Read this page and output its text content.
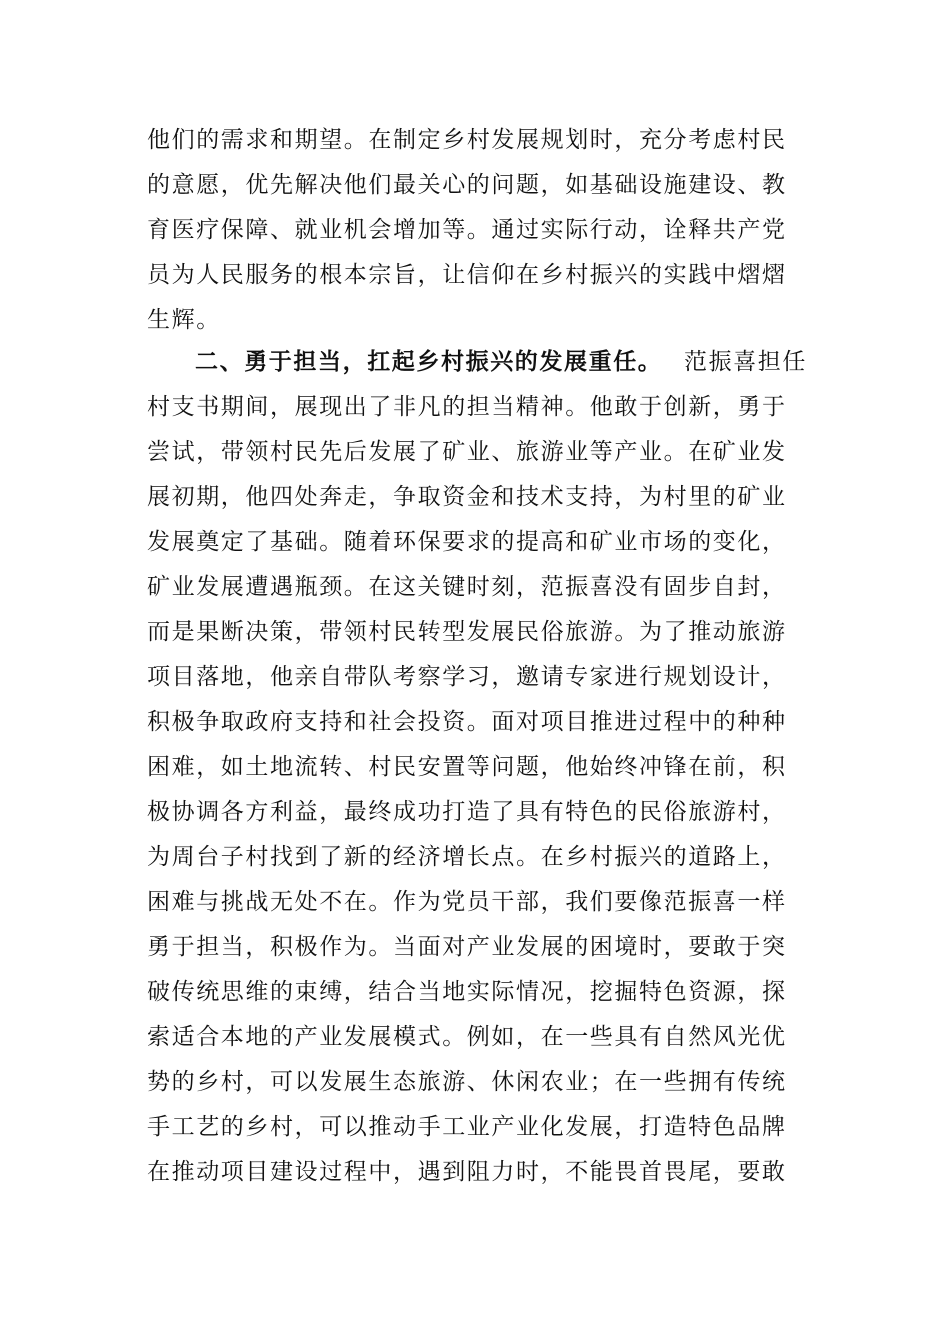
他们的需求和期望。在制定乡村发展规划时，充分考虑村民
的意愿，优先解决他们最关心的问题，如基础设施建设、教
育医疗保障、就业机会增加等。通过实际行动，诠释共产党
员为人民服务的根本宗旨，让信仰在乡村振兴的实践中熠熠
生辉。
二、勇于担当，扛起乡村振兴的发展重任。 范振喜担任
村支书期间，展现出了非凡的担当精神。他敢于创新，勇于
尝试，带领村民先后发展了矿业、旅游业等产业。在矿业发
展初期，他四处奔走，争取资金和技术支持，为村里的矿业
发展奠定了基础。随着环保要求的提高和矿业市场的变化，
矿业发展遭遇瓶颈。在这关键时刻，范振喜没有固步自封，
而是果断决策，带领村民转型发展民俗旅游。为了推动旅游
项目落地，他亲自带队考察学习，邀请专家进行规划设计，
积极争取政府支持和社会投资。面对项目推进过程中的种种
困难，如土地流转、村民安置等问题，他始终冲锋在前，积
极协调各方利益，最终成功打造了具有特色的民俗旅游村，
为周台子村找到了新的经济增长点。在乡村振兴的道路上，
困难与挑战无处不在。作为党员干部，我们要像范振喜一样
勇于担当，积极作为。当面对产业发展的困境时，要敢于突
破传统思维的束缚，结合当地实际情况，挖掘特色资源，探
索适合本地的产业发展模式。例如，在一些具有自然风光优
势的乡村，可以发展生态旅游、休闲农业；在一些拥有传统
手工艺的乡村，可以推动手工业产业化发展，打造特色品牌
在推动项目建设过程中，遇到阻力时，不能畏首畏尾，要敢
